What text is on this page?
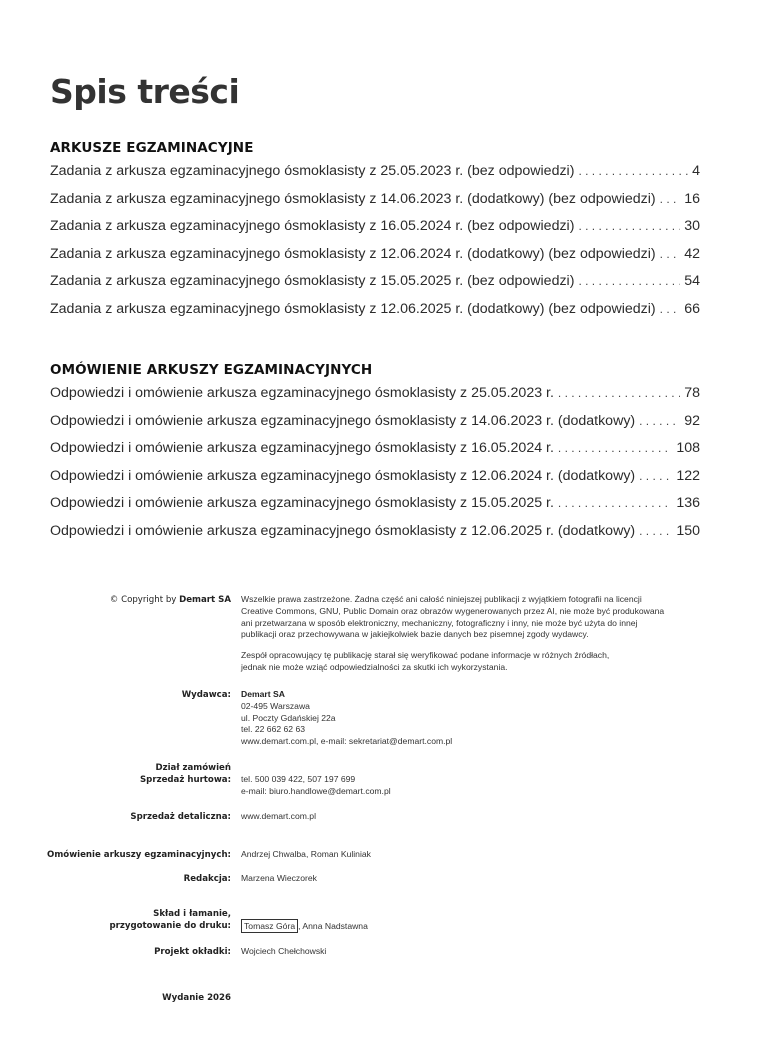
Spis treści
ARKUSZE EGZAMINACYJNE
Zadania z arkusza egzaminacyjnego ósmoklasisty z 25.05.2023 r. (bez odpowiedzi) . . .	4
Zadania z arkusza egzaminacyjnego ósmoklasisty z 14.06.2023 r. (dodatkowy) (bez odpowiedzi) . . . 16
Zadania z arkusza egzaminacyjnego ósmoklasisty z 16.05.2024 r. (bez odpowiedzi) . . .	30
Zadania z arkusza egzaminacyjnego ósmoklasisty z 12.06.2024 r. (dodatkowy) (bez odpowiedzi) . . . 42
Zadania z arkusza egzaminacyjnego ósmoklasisty z 15.05.2025 r. (bez odpowiedzi) . . .	54
Zadania z arkusza egzaminacyjnego ósmoklasisty z 12.06.2025 r. (dodatkowy) (bez odpowiedzi) . . . 66
OMÓWIENIE ARKUSZY EGZAMINACYJNYCH
Odpowiedzi i omówienie arkusza egzaminacyjnego ósmoklasisty z 25.05.2023 r. . . .	78
Odpowiedzi i omówienie arkusza egzaminacyjnego ósmoklasisty z 14.06.2023 r. (dodatkowy) . . .	92
Odpowiedzi i omówienie arkusza egzaminacyjnego ósmoklasisty z 16.05.2024 r. . . .	108
Odpowiedzi i omówienie arkusza egzaminacyjnego ósmoklasisty z 12.06.2024 r. (dodatkowy) . . .	122
Odpowiedzi i omówienie arkusza egzaminacyjnego ósmoklasisty z 15.05.2025 r. . . .	136
Odpowiedzi i omówienie arkusza egzaminacyjnego ósmoklasisty z 12.06.2025 r. (dodatkowy) . . .	150
© Copyright by Demart SA Wszelkie prawa zastrzeżone. Żadna część ani całość niniejszej publikacji z wyjątkiem fotografii na licencji
Creative Commons, GNU, Public Domain oraz obrazów wygenerowanych przez AI, nie może być produkowana
ani przetwarzana w sposób elektroniczny, mechaniczny, fotograficzny i inny, nie może być użyta do innej
publikacji oraz przechowywana w jakiejkolwiek bazie danych bez pisemnej zgody wydawcy.
Zespół opracowujący tę publikację starał się weryfikować podane informacje w różnych źródłach,
jednak nie może wziąć odpowiedzialności za skutki ich wykorzystania.
Wydawca: Demart SA
02-495 Warszawa
ul. Poczty Gdańskiej 22a
tel. 22 662 62 63
www.demart.com.pl, e-mail: sekretariat@demart.com.pl
Dział zamówień
Sprzedaż hurtowa: tel. 500 039 422, 507 197 699
e-mail: biuro.handlowe@demart.com.pl
Sprzedaż detaliczna: www.demart.com.pl
Omówienie arkuszy egzaminacyjnych: Andrzej Chwalba, Roman Kuliniak
Redakcja: Marzena Wieczorek
Skład i łamanie,
przygotowanie do druku:	Tomasz Góra , Anna Nadstawna
Projekt okładki: Wojciech Chełchowski
Wydanie 2026
